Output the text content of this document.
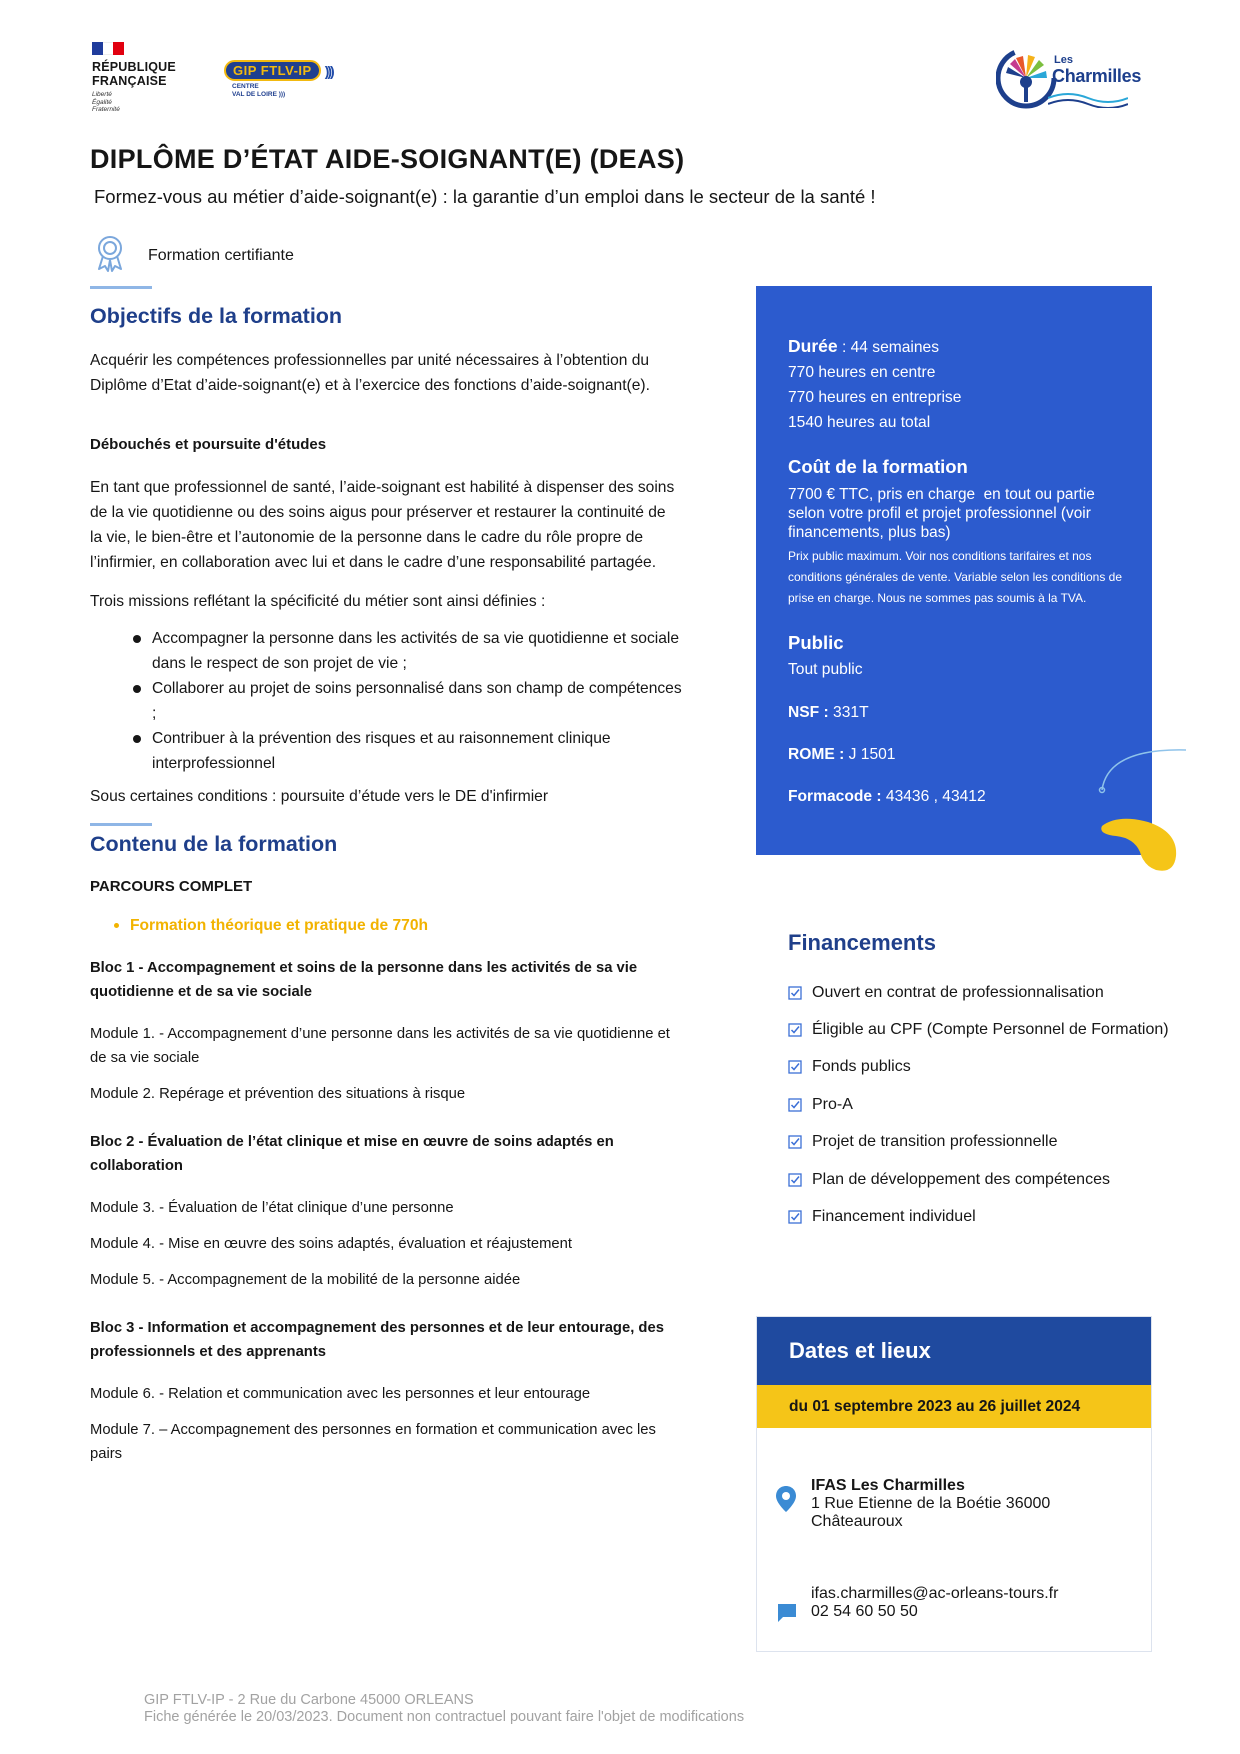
RÉPUBLIQUE
FRANÇAISE
Liberté
Égalité
Fraternité
GIP FTLV-IP )))
CENTRE
VAL DE LOIRE )))
Les
Charmilles
DIPLÔME D’ÉTAT AIDE-SOIGNANT(E) (DEAS)
Formez-vous au métier d’aide-soignant(e) : la garantie d’un emploi dans le secteur de la santé !
Formation certifiante
Objectifs de la formation

Acquérir les compétences professionnelles par unité nécessaires à l’obtention du Diplôme d’Etat d’aide-soignant(e) et à l’exercice des fonctions d’aide-soignant(e).

Débouchés et poursuite d'études

En tant que professionnel de santé, l’aide-soignant est habilité à dispenser des soins de la vie quotidienne ou des soins aigus pour préserver et restaurer la continuité de la vie, le bien-être et l’autonomie de la personne dans le cadre du rôle propre de l’infirmier, en collaboration avec lui et dans le cadre d’une responsabilité partagée.

Trois missions reflétant la spécificité du métier sont ainsi définies :

Accompagner la personne dans les activités de sa vie quotidienne et sociale dans le respect de son projet de vie ;
Collaborer au projet de soins personnalisé dans son champ de compétences ;
Contribuer à la prévention des risques et au raisonnement clinique interprofessionnel

Sous certaines conditions : poursuite d’étude vers le DE d'infirmier

Contenu de la formation

PARCOURS COMPLET

Formation théorique et pratique de 770h

Bloc 1 - Accompagnement et soins de la personne dans les activités de sa vie quotidienne et de sa vie sociale

Module 1. - Accompagnement d’une personne dans les activités de sa vie quotidienne et de sa vie sociale

Module 2. Repérage et prévention des situations à risque

Bloc 2 - Évaluation de l’état clinique et mise en œuvre de soins adaptés en collaboration

Module 3. - Évaluation de l’état clinique d’une personne

Module 4. - Mise en œuvre des soins adaptés, évaluation et réajustement

Module 5. - Accompagnement de la mobilité de la personne aidée

Bloc 3 - Information et accompagnement des personnes et de leur entourage, des professionnels et des apprenants

Module 6. - Relation et communication avec les personnes et leur entourage

Module 7. – Accompagnement des personnes en formation et communication avec les pairs

Durée : 44 semaines
770 heures en centre
770 heures en entreprise
1540 heures au total
Coût de la formation
7700 € TTC, pris en charge  en tout ou partie selon votre profil et projet professionnel (voir financements, plus bas)
Prix public maximum. Voir nos conditions tarifaires et nos conditions générales de vente. Variable selon les conditions de prise en charge. Nous ne sommes pas soumis à la TVA.
Public
Tout public
NSF : 331T
ROME : J 1501
Formacode : 43436 , 43412
Financements
Ouvert en contrat de professionnalisation
Éligible au CPF (Compte Personnel de Formation)
Fonds publics
Pro-A
Projet de transition professionnelle
Plan de développement des compétences
Financement individuel
Dates et lieux
du 01 septembre 2023 au 26 juillet 2024
IFAS Les Charmilles
1 Rue Etienne de la Boétie 36000
Châteauroux
ifas.charmilles@ac-orleans-tours.fr
02 54 60 50 50
GIP FTLV-IP - 2 Rue du Carbone 45000 ORLEANS
Fiche générée le 20/03/2023. Document non contractuel pouvant faire l'objet de modifications
